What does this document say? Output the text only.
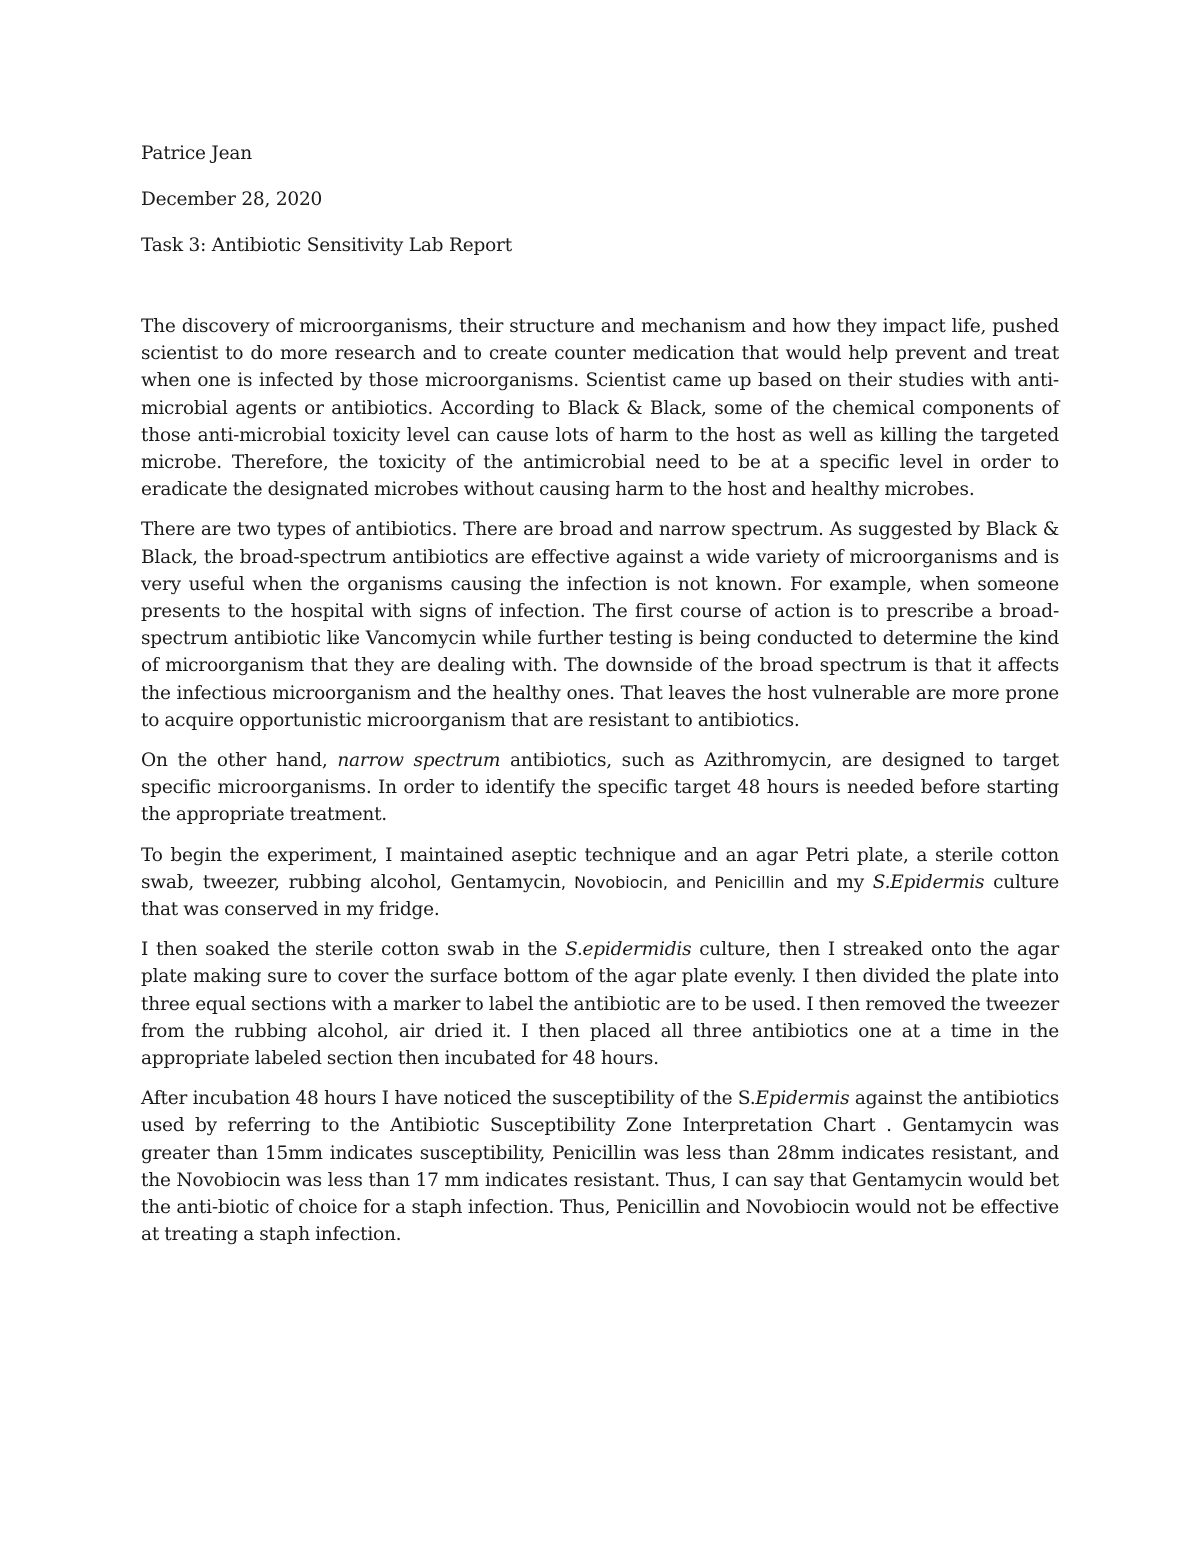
Patrice Jean
December 28, 2020
Task 3: Antibiotic Sensitivity Lab Report

The discovery of microorganisms, their structure and mechanism and how they impact life, pushed scientist to do more research and to create counter medication that would help prevent and treat when one is infected by those microorganisms. Scientist came up based on their studies with anti-microbial agents or antibiotics. According to Black & Black, some of the chemical components of those anti-microbial toxicity level can cause lots of harm to the host as well as killing the targeted microbe. Therefore, the toxicity of the antimicrobial need to be at a specific level in order to eradicate the designated microbes without causing harm to the host and healthy microbes.

There are two types of antibiotics. There are broad and narrow spectrum. As suggested by Black & Black, the broad-spectrum antibiotics are effective against a wide variety of microorganisms and is very useful when the organisms causing the infection is not known. For example, when someone presents to the hospital with signs of infection. The first course of action is to prescribe a broad-spectrum antibiotic like Vancomycin while further testing is being conducted to determine the kind of microorganism that they are dealing with. The downside of the broad spectrum is that it affects the infectious microorganism and the healthy ones. That leaves the host vulnerable are more prone to acquire opportunistic microorganism that are resistant to antibiotics.

On the other hand, narrow spectrum antibiotics, such as Azithromycin, are designed to target specific microorganisms. In order to identify the specific target 48 hours is needed before starting the appropriate treatment.

To begin the experiment, I maintained aseptic technique and an agar Petri plate, a sterile cotton swab, tweezer, rubbing alcohol, Gentamycin, Novobiocin, and Penicillin and my S.Epidermis culture that was conserved in my fridge.

I then soaked the sterile cotton swab in the S.epidermidis culture, then I streaked onto the agar plate making sure to cover the surface bottom of the agar plate evenly. I then divided the plate into three equal sections with a marker to label the antibiotic are to be used. I then removed the tweezer from the rubbing alcohol, air dried it. I then placed all three antibiotics one at a time in the appropriate labeled section then incubated for 48 hours.

After incubation 48 hours I have noticed the susceptibility of the S.Epidermis against the antibiotics used by referring to the Antibiotic Susceptibility Zone Interpretation Chart . Gentamycin was greater than 15mm indicates susceptibility, Penicillin was less than 28mm indicates resistant, and the Novobiocin was less than 17 mm indicates resistant. Thus, I can say that Gentamycin would bet the anti-biotic of choice for a staph infection. Thus, Penicillin and Novobiocin would not be effective at treating a staph infection.
